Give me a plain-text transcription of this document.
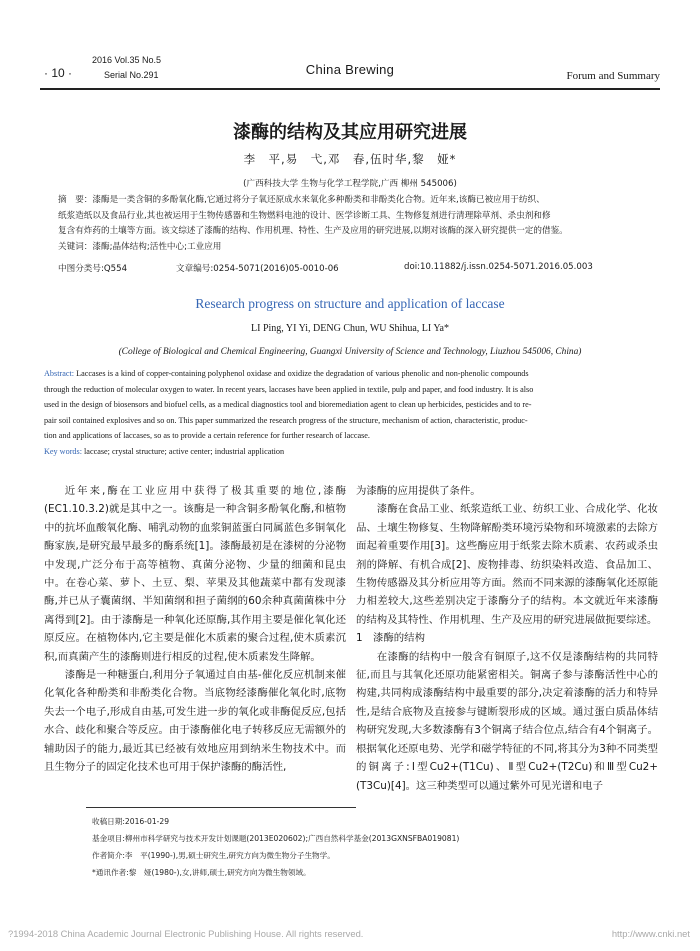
· 10 ·
2016 Vol.35 No.5
Serial No.291	China Brewing	Forum and Summary
漆酶的结构及其应用研究进展
李　平,易　弋,邓　春,伍时华,黎　娅*
(广西科技大学 生物与化学工程学院,广西 柳州 545006)
摘　要：漆酶是一类含铜的多酚氧化酶,它通过将分子氧还原成水来氧化多种酚类和非酚类化合物。近年来,该酶已被应用于纺织、
纸浆造纸以及食品行业,其也被运用于生物传感器和生物燃料电池的设计、医学诊断工具、生物修复剂进行清理除草剂、杀虫剂和修
复含有炸药的土壤等方面。该文综述了漆酶的结构、作用机理、特性、生产及应用的研究进展,以期对该酶的深入研究提供一定的借鉴。
关键词：漆酶;晶体结构;活性中心;工业应用
中图分类号:Q554	文章编号:0254-5071(2016)05-0010-06	doi:10.11882/j.issn.0254-5071.2016.05.003
Research progress on structure and application of laccase
LI Ping, YI Yi, DENG Chun, WU Shihua, LI Ya*
(College of Biological and Chemical Engineering, Guangxi University of Science and Technology, Liuzhou 545006, China)
Abstract: Laccases is a kind of copper-containing polyphenol oxidase and oxidize the degradation of various phenolic and non-phenolic compounds
through the reduction of molecular oxygen to water. In recent years, laccases have been applied in textile, pulp and paper, and food industry. It is also
used in the design of biosensors and biofuel cells, as a medical diagnostics tool and bioremediation agent to clean up herbicides, pesticides and to re-
pair soil contained explosives and so on. This paper summarized the research progress of the structure, mechanism of action, characteristic, produc-
tion and applications of laccases, so as to provide a certain reference for further research of laccase.
Key words: laccase; crystal structure; active center; industrial application

近年来,酶在工业应用中获得了极其重要的地位,漆酶(EC1.10.3.2)就是其中之一。该酶是一种含铜多酚氧化酶,和植物中的抗坏血酸氧化酶、哺乳动物的血浆铜蓝蛋白同属蓝色多铜氧化酶家族,是研究最早最多的酶系统[1]。漆酶最初是在漆树的分泌物中发现,广泛分布于高等植物、真菌分泌物、少量的细菌和昆虫中。在卷心菜、萝卜、土豆、梨、苹果及其他蔬菜中都有发现漆酶,并已从子囊菌纲、半知菌纲和担子菌纲的60余种真菌菌株中分离得到[2]。由于漆酶是一种氧化还原酶,其作用主要是催化氧化还原反应。在植物体内,它主要是催化木质素的聚合过程,使木质素沉积,而真菌产生的漆酶则进行相反的过程,使木质素发生降解。

漆酶是一种糖蛋白,利用分子氧通过自由基-催化反应机制来催化氧化各种酚类和非酚类化合物。当底物经漆酶催化氧化时,底物失去一个电子,形成自由基,可发生进一步的氧化或非酶促反应,包括水合、歧化和聚合等反应。由于漆酶催化电子转移反应无需额外的辅助因子的能力,最近其已经被有效地应用到纳米生物技术中。而且生物分子的固定化技术也可用于保护漆酶的酶活性,

为漆酶的应用提供了条件。

漆酶在食品工业、纸浆造纸工业、纺织工业、合成化学、化妆品、土壤生物修复、生物降解酚类环境污染物和环境激素的去除方面起着重要作用[3]。这些酶应用于纸浆去除木质素、农药或杀虫剂的降解、有机合成[2]、废物排毒、纺织染料改造、食品加工、生物传感器及其分析应用等方面。然而不同来源的漆酶氧化还原能力相差较大,这些差别决定于漆酶分子的结构。本文就近年来漆酶的结构及其特性、作用机理、生产及应用的研究进展做扼要综述。

1　漆酶的结构

在漆酶的结构中一般含有铜原子,这不仅是漆酶结构的共同特征,而且与其氧化还原功能紧密相关。铜离子参与漆酶活性中心的构建,共同构成漆酶结构中最重要的部分,决定着漆酶的活力和特异性,是结合底物及直接参与键断裂形成的区域。通过蛋白质晶体结构研究发现,大多数漆酶有3个铜离子结合位点,结合有4个铜离子。根据氧化还原电势、光学和磁学特征的不同,将其分为3种不同类型的铜离子:Ⅰ型Cu2+(T1Cu)、Ⅱ型Cu2+(T2Cu)和Ⅲ型Cu2+(T3Cu)[4]。这三种类型可以通过紫外可见光谱和电子

收稿日期:2016-01-29
基金项目:柳州市科学研究与技术开发计划课题(2013E020602);广西自然科学基金(2013GXNSFBA019081)
作者简介:李　平(1990-),男,硕士研究生,研究方向为微生物分子生物学。
*通讯作者:黎　娅(1980-),女,讲师,硕士,研究方向为微生物领域。
?1994-2018 China Academic Journal Electronic Publishing House. All rights reserved.	http://www.cnki.net
